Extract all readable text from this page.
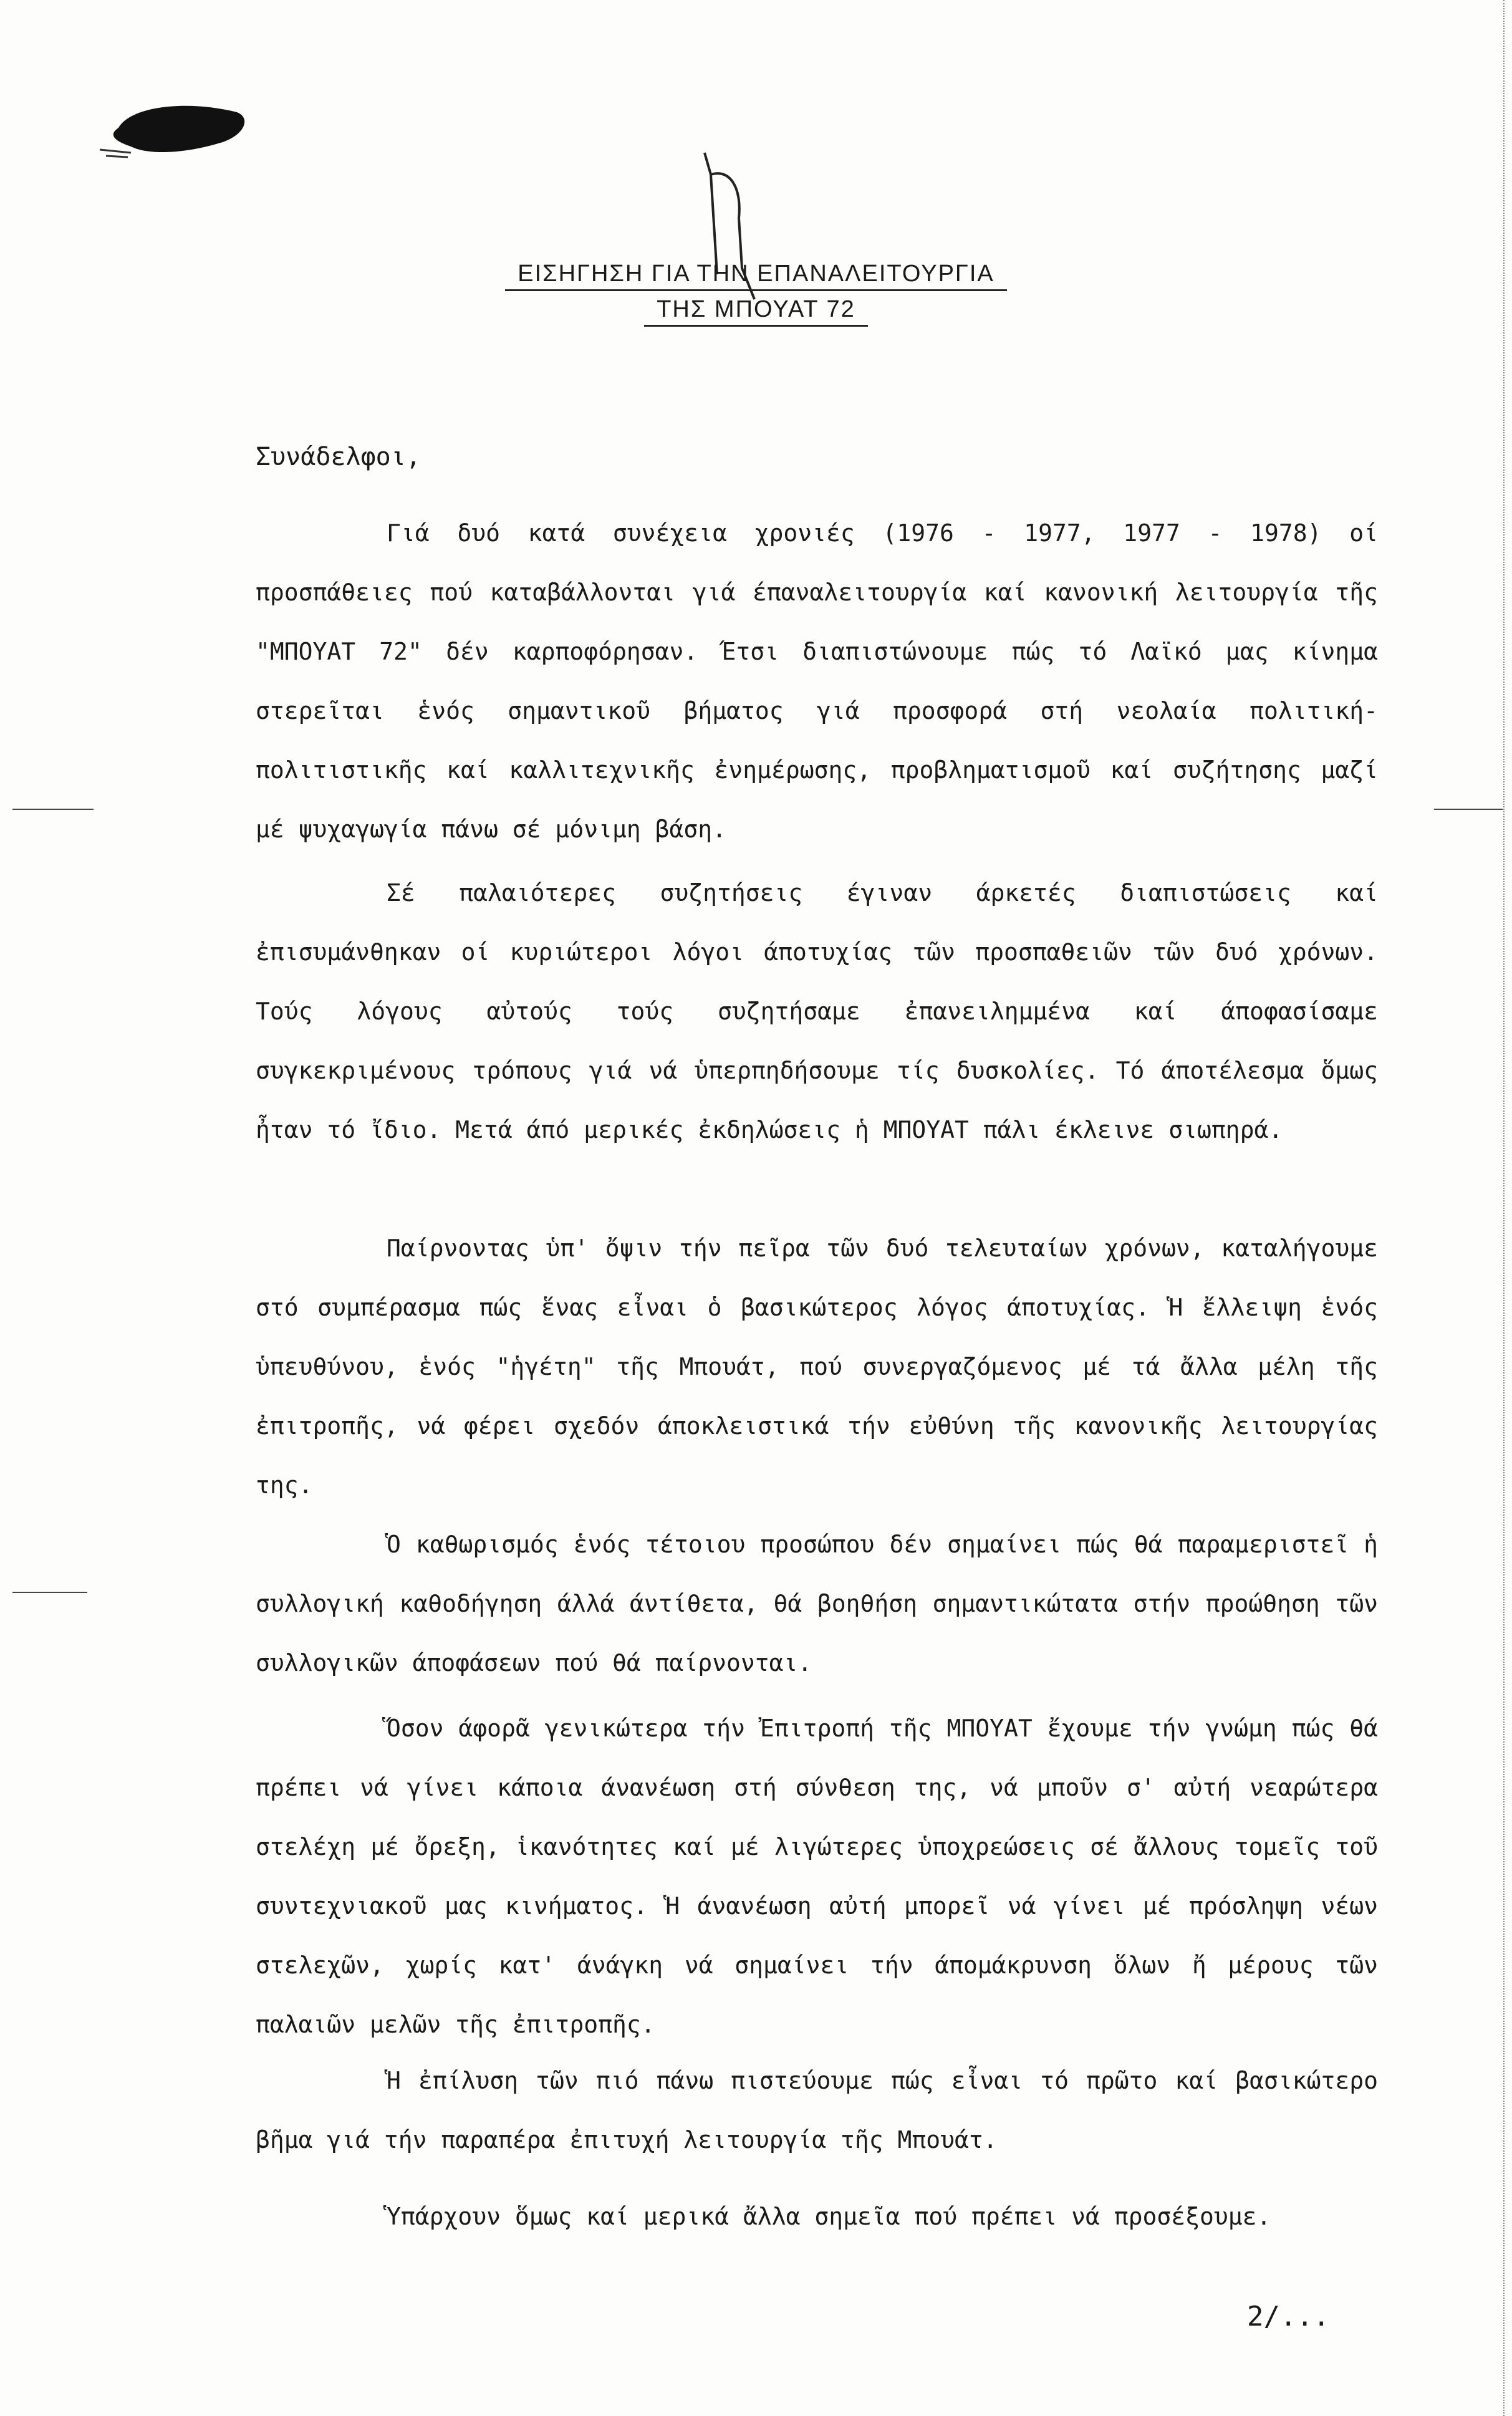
ΕΙΣΗΓΗΣΗ ΓΙΑ ΤΗΝ ΕΠΑΝΑΛΕΙΤΟΥΡΓΙΑ
ΤΗΣ ΜΠΟΥΑΤ 72
Συνάδελφοι,

Γιά δυό κατά συνέχεια χρονιές (1976 - 1977, 1977 - 1978) οί προσπάθειες πού καταβάλλονται γιά έπαναλειτουργία καί κανονική λειτουργία τῆς "ΜΠΟΥΑΤ 72" δέν καρποφόρησαν. Έτσι διαπιστώνουμε πώς τό Λαϊκό μας κίνημα στερεῖται ἑνός σημαντικοῦ βήματος γιά προσφορά στή νεολαία πολιτική- πολιτιστικῆς καί καλλιτεχνικῆς ἐνημέρωσης, προβληματισμοῦ καί συζήτησης μαζί μέ ψυχαγωγία πάνω σέ μόνιμη βάση.

Σέ παλαιότερες συζητήσεις έγιναν άρκετές διαπιστώσεις καί ἐπισυμάνθηκαν οί κυριώτεροι λόγοι άποτυχίας τῶν προσπαθειῶν τῶν δυό χρόνων. Τούς λόγους αὐτούς τούς συζητήσαμε ἐπανειλημμένα καί άποφασίσαμε συγκεκριμένους τρόπους γιά νά ὑπερπηδήσουμε τίς δυσκολίες. Τό άποτέλεσμα ὅμως ἦταν τό ἴδιο. Μετά άπό μερικές ἐκδηλώσεις ἡ ΜΠΟΥΑΤ πάλι έκλεινε σιωπηρά.

Παίρνοντας ὑπ' ὄψιν τήν πεῖρα τῶν δυό τελευταίων χρόνων, καταλήγουμε στό συμπέρασμα πώς ἕνας εἶναι ὁ βασικώτερος λόγος άποτυχίας. Ἡ ἔλλειψη ἑνός ὑπευθύνου, ἑνός "ἡγέτη" τῆς Μπουάτ, πού συνεργαζόμενος μέ τά ἄλλα μέλη τῆς ἐπιτροπῆς, νά φέρει σχεδόν άποκλειστικά τήν εὐθύνη τῆς κανονικῆς λειτουργίας της.

Ὁ καθωρισμός ἑνός τέτοιου προσώπου δέν σημαίνει πώς θά παραμεριστεῖ ἡ συλλογική καθοδήγηση άλλά άντίθετα, θά βοηθήση σημαντικώτατα στήν προώθηση τῶν συλλογικῶν άποφάσεων πού θά παίρνονται.

Ὅσον άφορᾶ γενικώτερα τήν Ἐπιτροπή τῆς ΜΠΟΥΑΤ ἔχουμε τήν γνώμη πώς θά πρέπει νά γίνει κάποια άνανέωση στή σύνθεση της, νά μποῦν σ' αὐτή νεαρώτερα στελέχη μέ ὄρεξη, ἱκανότητες καί μέ λιγώτερες ὑποχρεώσεις σέ ἄλλους τομεῖς τοῦ συντεχνιακοῦ μας κινήματος. Ἡ άνανέωση αὐτή μπορεῖ νά γίνει μέ πρόσληψη νέων στελεχῶν, χωρίς κατ' άνάγκη νά σημαίνει τήν άπομάκρυνση ὅλων ἤ μέρους τῶν παλαιῶν μελῶν τῆς ἐπιτροπῆς.

Ἡ ἐπίλυση τῶν πιό πάνω πιστεύουμε πώς εἶναι τό πρῶτο καί βασικώτερο βῆμα γιά τήν παραπέρα ἐπιτυχή λειτουργία τῆς Μπουάτ.

Ὑπάρχουν ὅμως καί μερικά ἄλλα σημεῖα πού πρέπει νά προσέξουμε.

2/...
